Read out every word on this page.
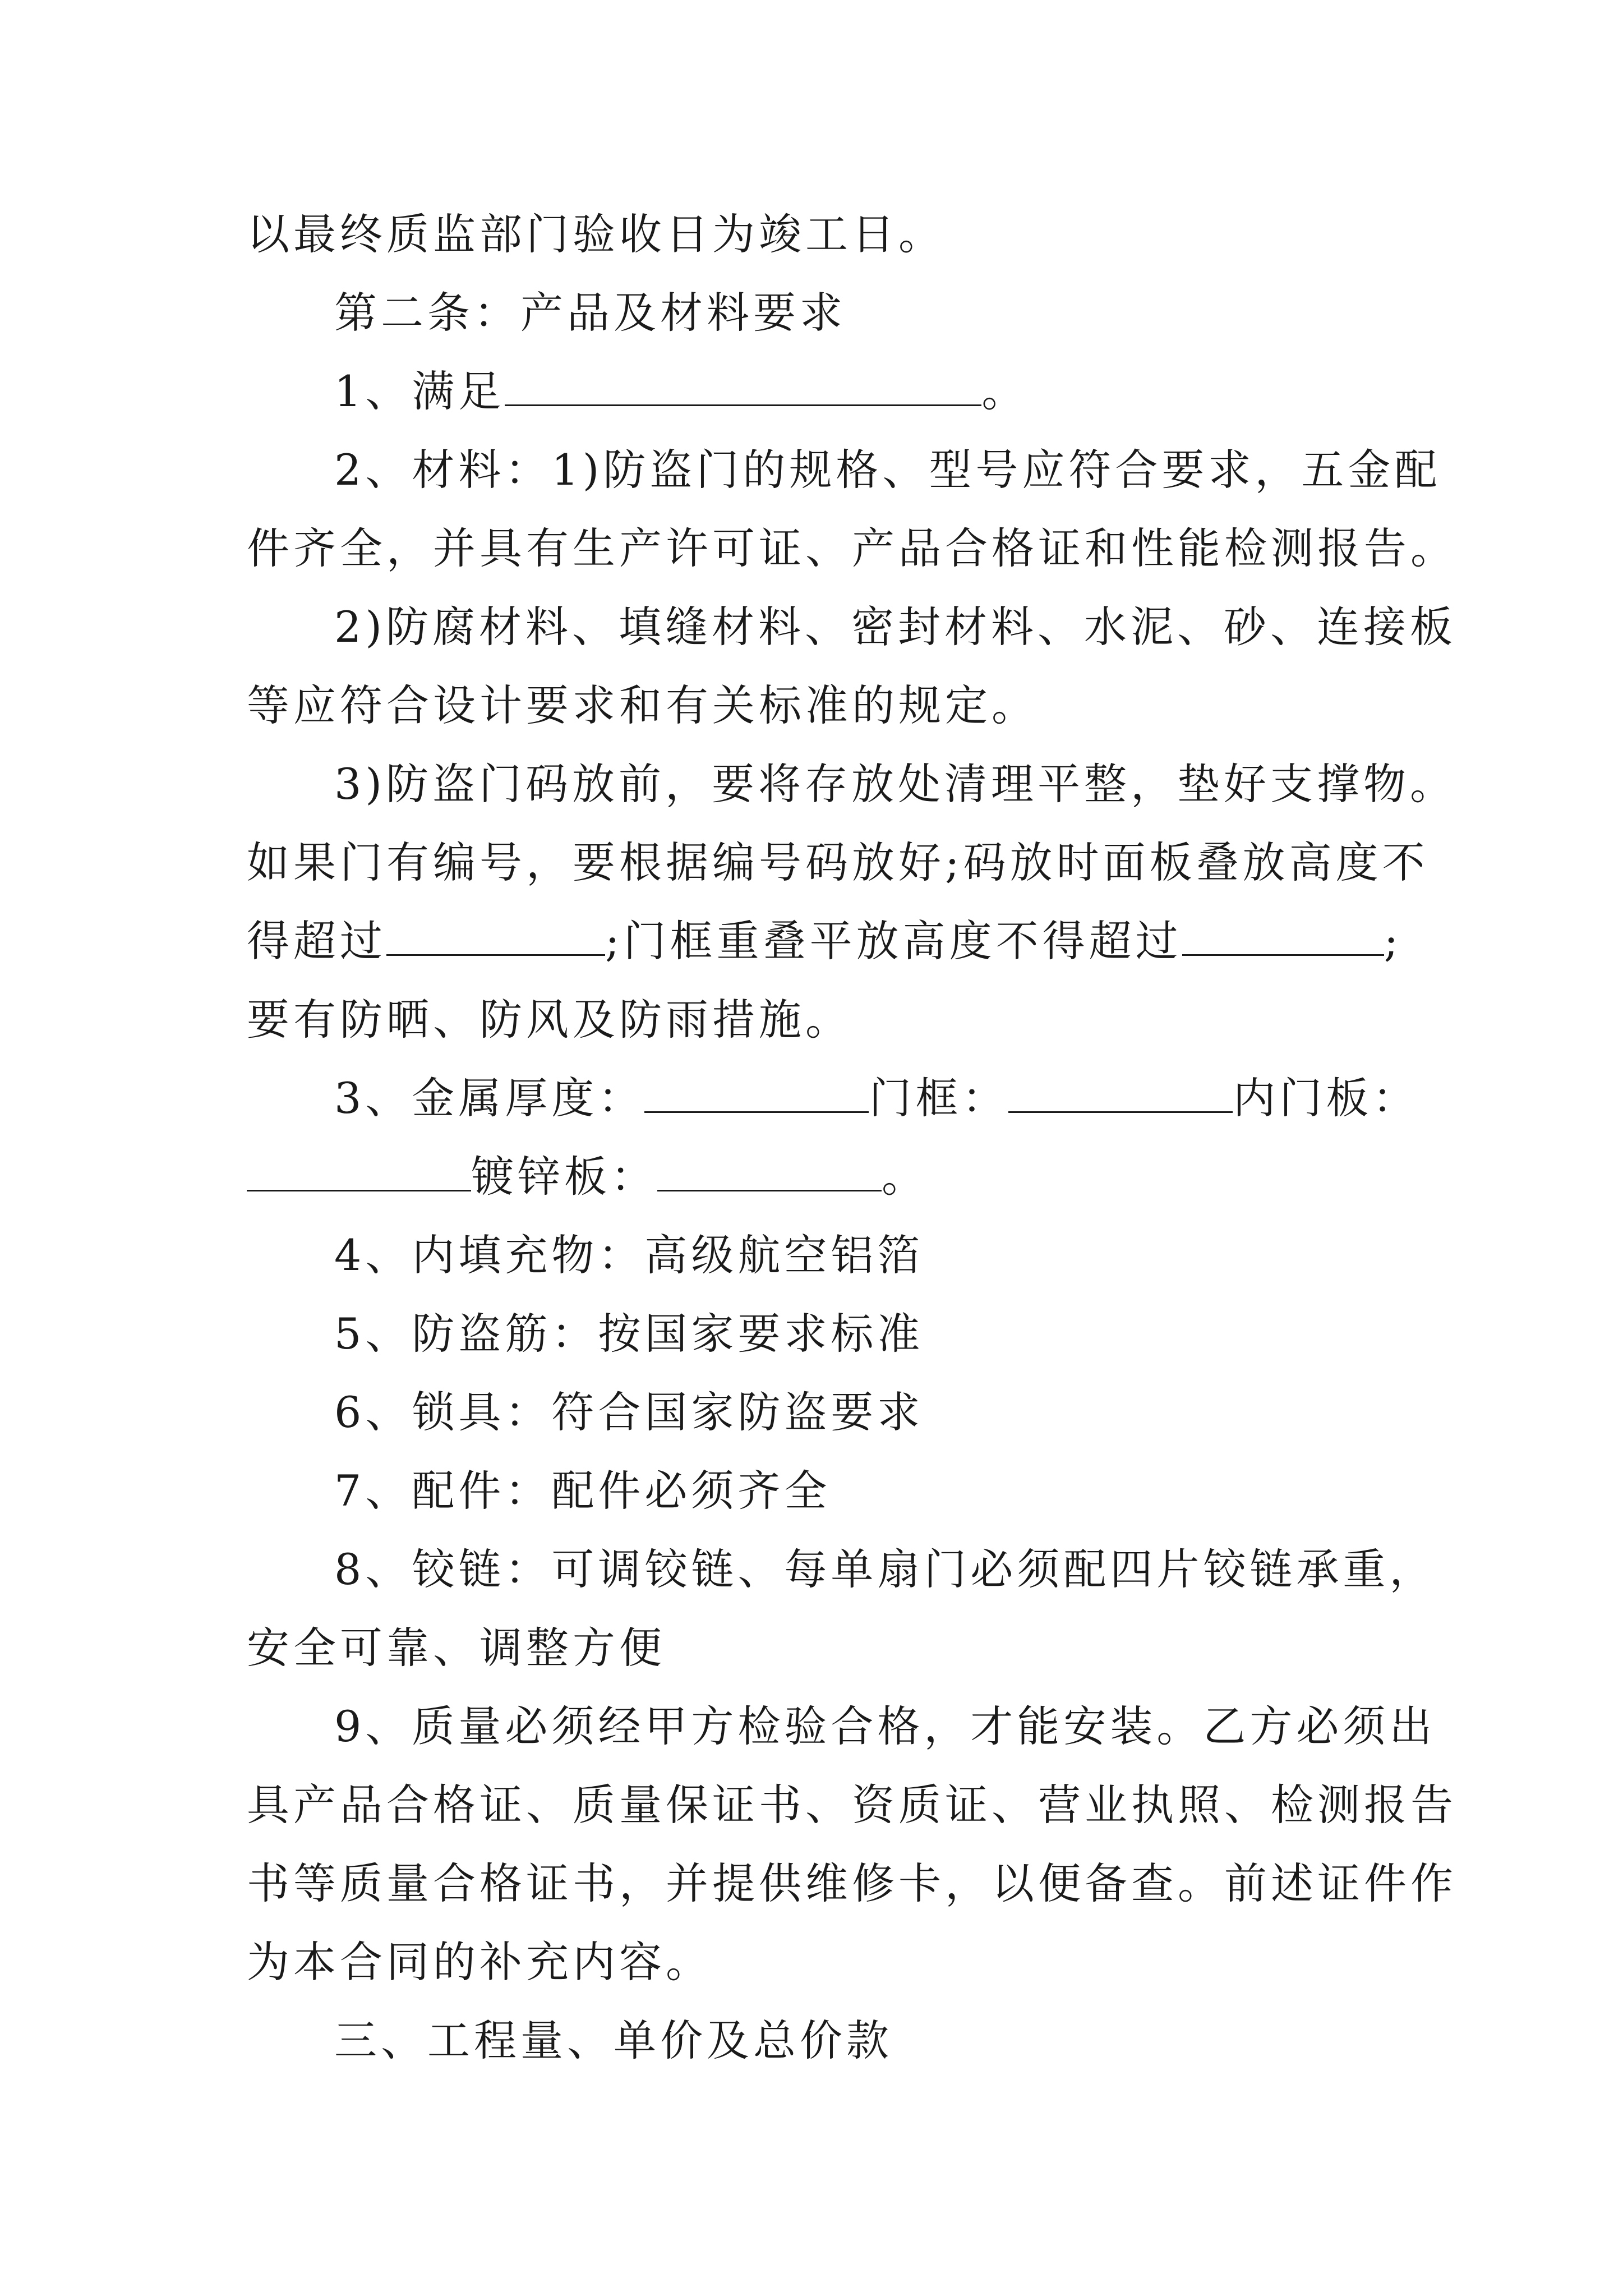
以最终质监部门验收日为竣工日。
第二条：产品及材料要求
1、满足	。
2、材料：1)防盗门的规格、型号应符合要求，五金配
件齐全，并具有生产许可证、产品合格证和性能检测报告。
2)防腐材料、填缝材料、密封材料、水泥、砂、连接板
等应符合设计要求和有关标准的规定。
3)防盗门码放前，要将存放处清理平整，垫好支撑物。
如果门有编号，要根据编号码放好;码放时面板叠放高度不
得超过	;门框重叠平放高度不得超过	;
要有防晒、防风及防雨措施。
3、金属厚度：	门框：	内门板：
镀锌板：	。
4、内填充物：高级航空铝箔
5、防盗筋：按国家要求标准
6、锁具：符合国家防盗要求
7、配件：配件必须齐全
8、铰链：可调铰链、每单扇门必须配四片铰链承重，
安全可靠、调整方便
9、质量必须经甲方检验合格，才能安装。乙方必须出
具产品合格证、质量保证书、资质证、营业执照、检测报告
书等质量合格证书，并提供维修卡，以便备查。前述证件作
为本合同的补充内容。
三、工程量、单价及总价款
